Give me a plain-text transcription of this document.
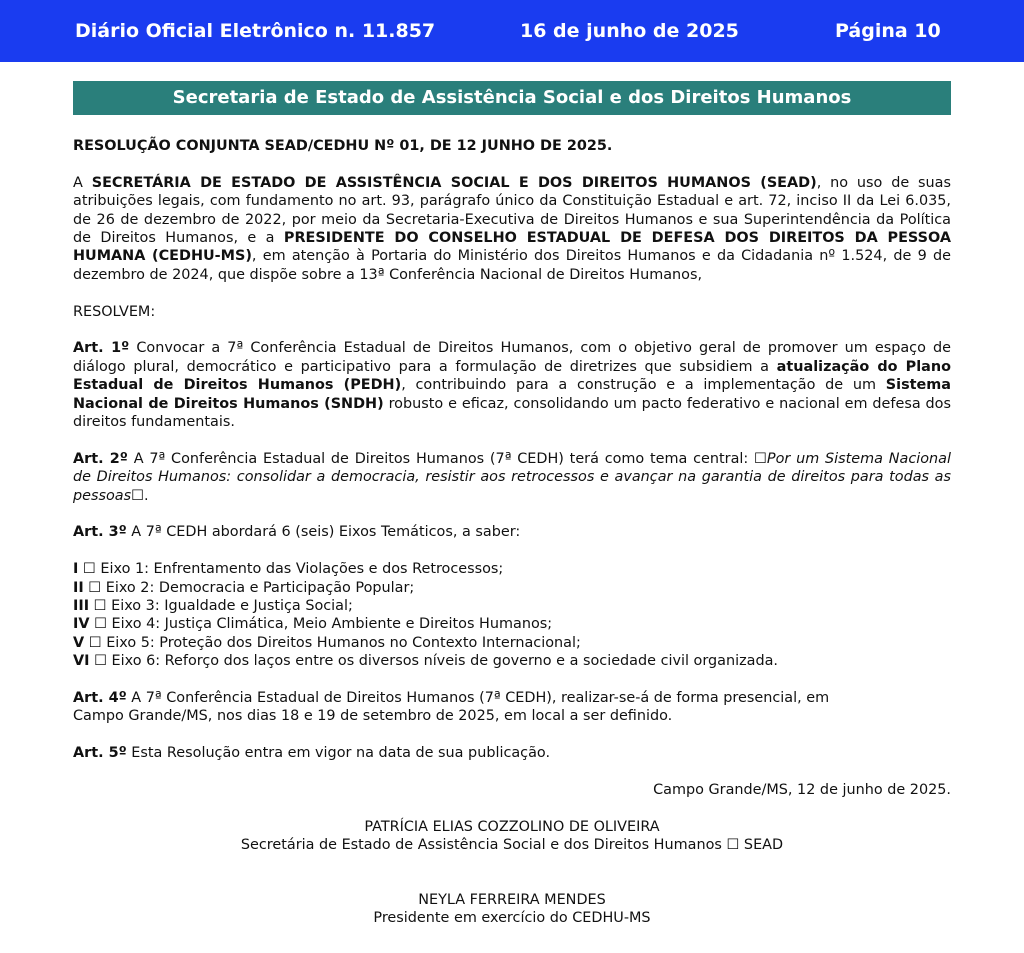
Diário Oficial Eletrônico n. 11.857	16 de junho de 2025	Página 10
Secretaria de Estado de Assistência Social e dos Direitos Humanos

RESOLUÇÃO CONJUNTA SEAD/CEDHU Nº 01, DE 12 JUNHO DE 2025.

A SECRETÁRIA DE ESTADO DE ASSISTÊNCIA SOCIAL E DOS DIREITOS HUMANOS (SEAD), no uso de suas atribuições legais, com fundamento no art. 93, parágrafo único da Constituição Estadual e art. 72, inciso II da Lei 6.035, de 26 de dezembro de 2022, por meio da Secretaria-Executiva de Direitos Humanos e sua Superintendência da Política de Direitos Humanos, e a PRESIDENTE DO CONSELHO ESTADUAL DE DEFESA DOS DIREITOS DA PESSOA HUMANA (CEDHU-MS), em atenção à Portaria do Ministério dos Direitos Humanos e da Cidadania nº 1.524, de 9 de dezembro de 2024, que dispõe sobre a 13ª Conferência Nacional de Direitos Humanos,

RESOLVEM:

Art. 1º Convocar a 7ª Conferência Estadual de Direitos Humanos, com o objetivo geral de promover um espaço de diálogo plural, democrático e participativo para a formulação de diretrizes que subsidiem a atualização do Plano Estadual de Direitos Humanos (PEDH), contribuindo para a construção e a implementação de um Sistema Nacional de Direitos Humanos (SNDH) robusto e eficaz, consolidando um pacto federativo e nacional em defesa dos direitos fundamentais.

Art. 2º A 7ª Conferência Estadual de Direitos Humanos (7ª CEDH) terá como tema central: ☐Por um Sistema Nacional de Direitos Humanos: consolidar a democracia, resistir aos retrocessos e avançar na garantia de direitos para todas as pessoas☐.

Art. 3º A 7ª CEDH abordará 6 (seis) Eixos Temáticos, a saber:

I ☐ Eixo 1: Enfrentamento das Violações e dos Retrocessos;

II ☐ Eixo 2: Democracia e Participação Popular;

III ☐ Eixo 3: Igualdade e Justiça Social;

IV ☐ Eixo 4: Justiça Climática, Meio Ambiente e Direitos Humanos;

V ☐ Eixo 5: Proteção dos Direitos Humanos no Contexto Internacional;

VI ☐ Eixo 6: Reforço dos laços entre os diversos níveis de governo e a sociedade civil organizada.

Art. 4º A 7ª Conferência Estadual de Direitos Humanos (7ª CEDH), realizar-se-á de forma presencial, em

Campo Grande/MS, nos dias 18 e 19 de setembro de 2025, em local a ser definido.

Art. 5º Esta Resolução entra em vigor na data de sua publicação.

Campo Grande/MS, 12 de junho de 2025.

PATRÍCIA ELIAS COZZOLINO DE OLIVEIRA

Secretária de Estado de Assistência Social e dos Direitos Humanos ☐ SEAD

NEYLA FERREIRA MENDES

Presidente em exercício do CEDHU-MS
